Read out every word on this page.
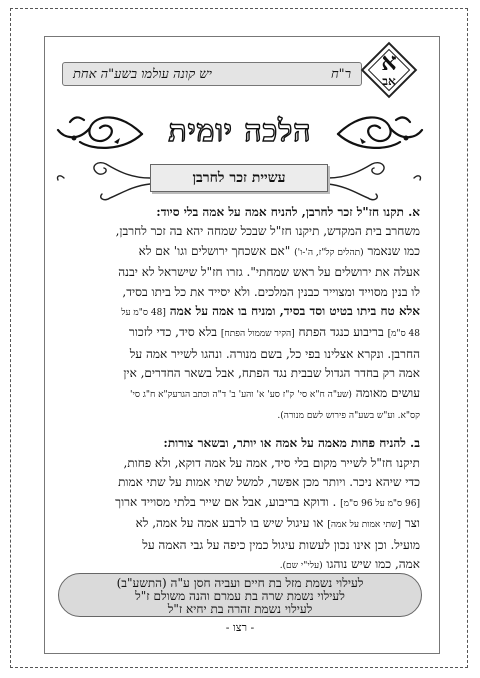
ר"ח
יש קונה עולמו בשע"ה אחת	א
אב
הלכה יומית
עשיית זכר לחרבן

א. תקנו חז"ל זכר לחרבן, להניח אמה על אמה בלי סיוד:
משחרב בית המקדש, תיקנו חז"ל שבכל שמחה יהא בה זכר לחרבן,
כמו שנאמר (תהלים קל"ז, ה'-ו') "אם אשכחך ירושלים וגו' אם לא
אעלה את ירושלים על ראש שמחתי". גזרו חז"ל שישראל לא יבנה
לו בנין מסוייד ומצוייר כבנין המלכים. ולא יסייד את כל ביתו בסיד,
אלא טח ביתו בטיט וסד בסיד, ומניח בו אמה על אמה [48 ס"מ על
48 ס"מ] בריבוע כנגד הפתח [הקיר שממול הפתח] בלא סיד, כדי לזכור
החרבן. ונקרא אצלינו בפי כל, בשם מנורה. ונהגו לשייר אמה על
אמה רק בחדר הגדול שבבית נגד הפתח, אבל בשאר החדרים, אין
עושים מאומה (שע"ה ח"א סי' ק"ז סע' א' והע' ב' ד"ה וכתב הגרעק"א ח"ג סי'
קס"א. וע"ש בשע"ה פירוש לשם מנורה).

ב. להניח פחות מאמה על אמה או יותר, ובשאר צורות:
תיקנו חז"ל לשייר מקום בלי סיד, אמה על אמה דוקא, ולא פחות,
כדי שיהא ניכר. ויותר מכן אפשר, למשל שתי אמות על שתי אמות
[96 ס"מ על 96 ס"מ] . ודוקא בריבוע, אבל אם שייר בלתי מסוייד ארוך
וצר [שתי אמות על אמה] או עיגול שיש בו לרבע אמה על אמה, לא
מועיל. וכן אינו נכון לעשות עיגול כמין כיפה על גבי האמה על
אמה, כמו שיש נוהגו (עלי"י שם).

לעילוי נשמת מזל בת חיים ועביה חסן ע"ה (התשע"ב)
לעילוי נשמת שרה בת עמרם והנה משולם ז"ל
לעילוי נשמת זהרה בת יחיא ז"ל
- רצו -
